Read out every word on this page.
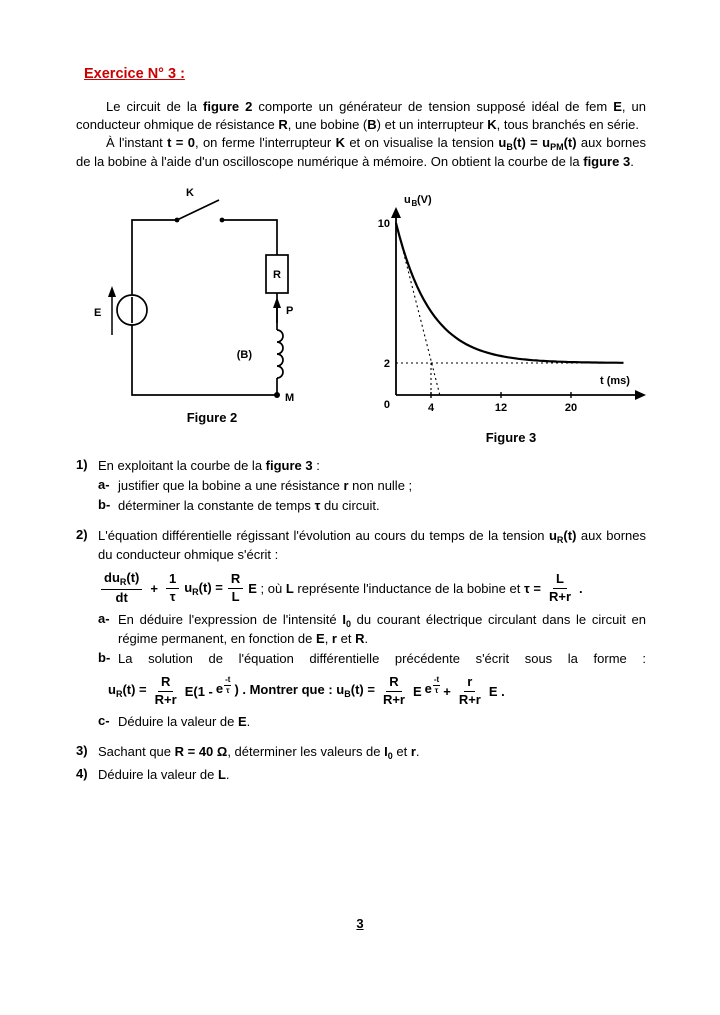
Exercice N° 3 :

Le circuit de la figure 2 comporte un générateur de tension supposé idéal de fem E, un conducteur ohmique de résistance R, une bobine (B) et un interrupteur K, tous branchés en série.

À l'instant t = 0, on ferme l'interrupteur K et on visualise la tension $u_B(t) = u_{PM}(t)$ aux bornes de la bobine à l'aide d'un oscilloscope numérique à mémoire. On obtient la courbe de la figure 3.

K
R
P
(B)
M
E
Figure 2
u B (V)
t (ms)
10
2
0	4	12	20
Figure 3
1) En exploitant la courbe de la figure 3 :
a- justifier que la bobine a une résistance r non nulle ;
b- déterminer la constante de temps τ du circuit.
2) L'équation différentielle régissant l'évolution au cours du temps de la tension $u_R(t)$ aux bornes du conducteur ohmique s'écrit :
$\frac{du_R(t)}{dt} + \frac{1}{\tau} u_R(t) = \frac{R}{L}$ E ; où L représente l'inductance de la bobine et $\tau = \frac{L}{R+r}$ .
a- En déduire l'expression de l'intensité $I_0$ du courant électrique circulant dans le circuit en régime permanent, en fonction de E, r et R.
b- La solution de l'équation différentielle précédente s'écrit sous la forme :
$u_R(t) = \frac{R}{R+r} E(1 - e$
-t
τ ) . Montrer que : $u_B(t) = \frac{R}{R+r}$ E e
-t
$\tau + \frac{r}{R+r}$ E .
c- Déduire la valeur de E.
3) Sachant que R = 40 Ω, déterminer les valeurs de $I_0$ et r.
4) Déduire la valeur de L.
3
